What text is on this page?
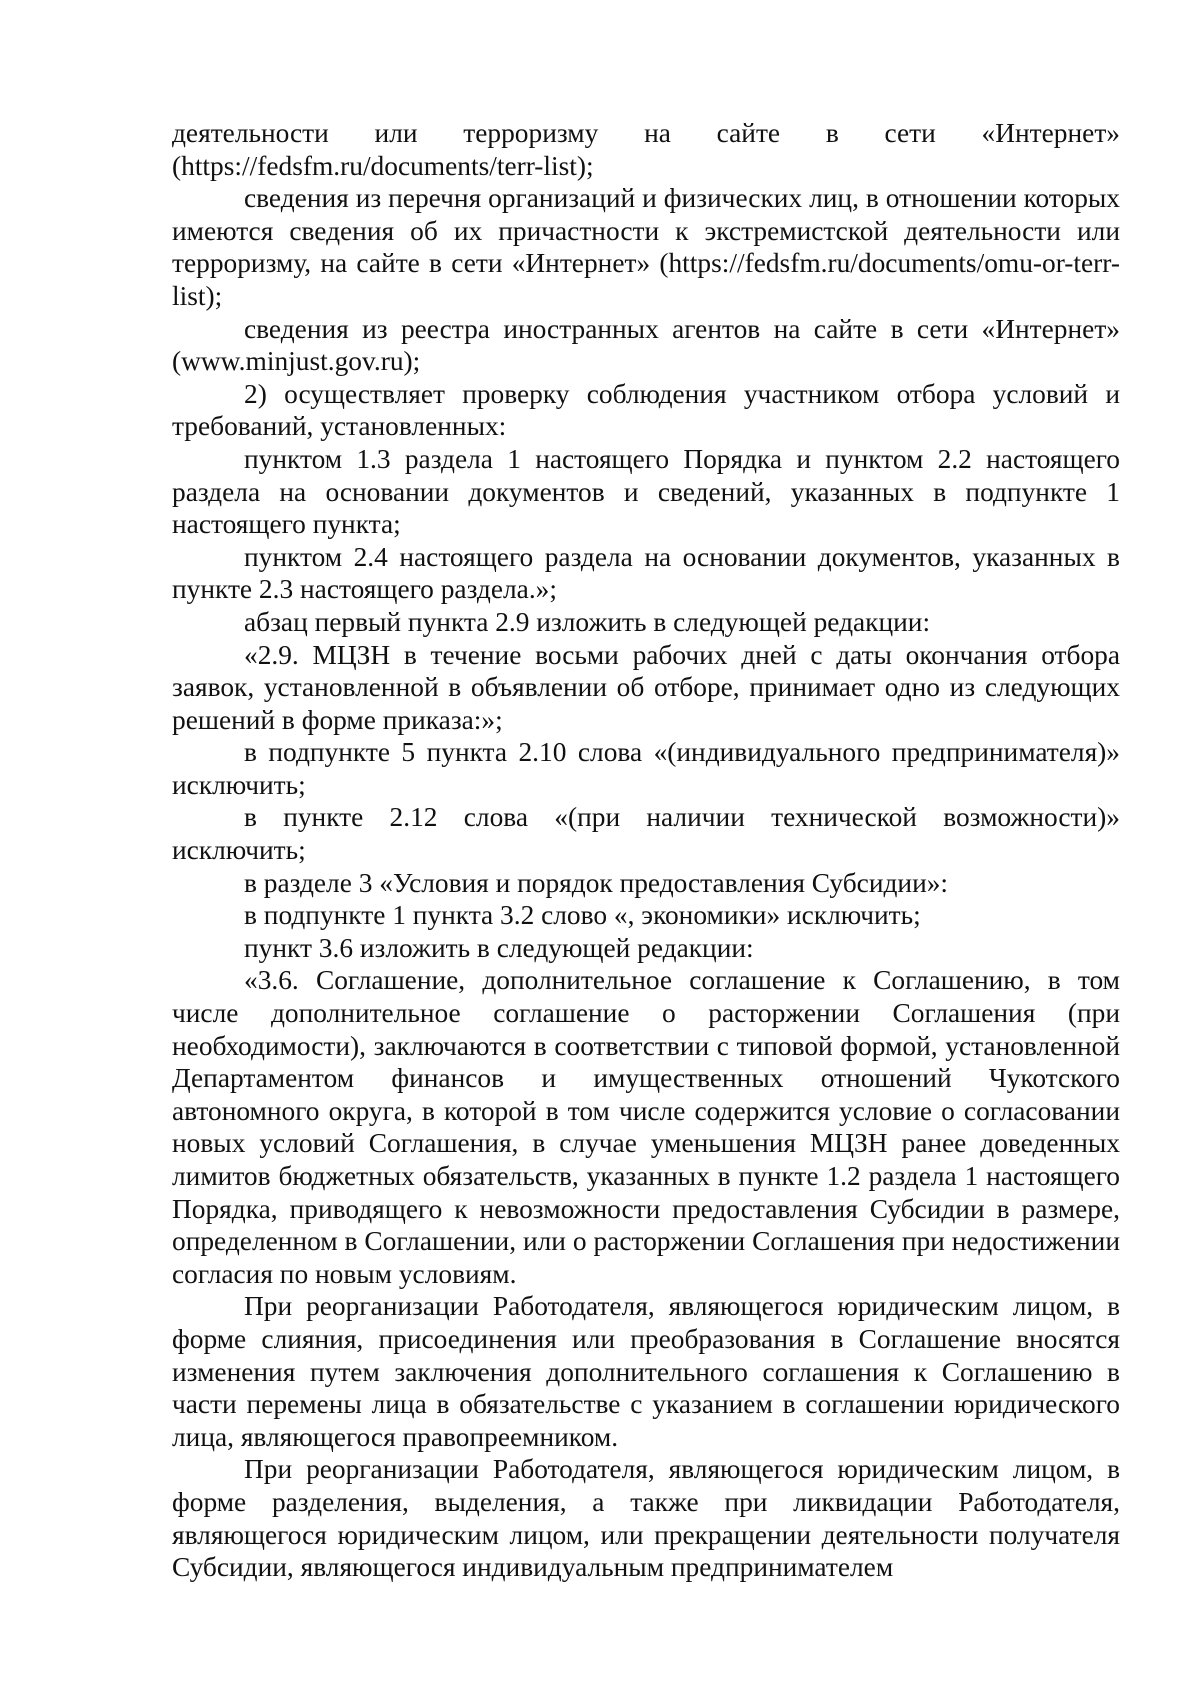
деятельности или терроризму на сайте в сети «Интернет» (https://fedsfm.ru/documents/terr-list);

сведения из перечня организаций и физических лиц, в отношении которых имеются сведения об их причастности к экстремистской деятельности или терроризму, на сайте в сети «Интернет» (https://fedsfm.ru/documents/omu-or-terr-list);

сведения из реестра иностранных агентов на сайте в сети «Интернет» (www.minjust.gov.ru);

2) осуществляет проверку соблюдения участником отбора условий и требований, установленных:

пунктом 1.3 раздела 1 настоящего Порядка и пунктом 2.2 настоящего раздела на основании документов и сведений, указанных в подпункте 1 настоящего пункта;

пунктом 2.4 настоящего раздела на основании документов, указанных в пункте 2.3 настоящего раздела.»;

абзац первый пункта 2.9 изложить в следующей редакции:

«2.9. МЦЗН в течение восьми рабочих дней с даты окончания отбора заявок, установленной в объявлении об отборе, принимает одно из следующих решений в форме приказа:»;

в подпункте 5 пункта 2.10 слова «(индивидуального предпринимателя)» исключить;

в пункте 2.12 слова «(при наличии технической возможности)» исключить;

в разделе 3 «Условия и порядок предоставления Субсидии»:

в подпункте 1 пункта 3.2 слово «, экономики» исключить;

пункт 3.6 изложить в следующей редакции:

«3.6. Соглашение, дополнительное соглашение к Соглашению, в том числе дополнительное соглашение о расторжении Соглашения (при необходимости), заключаются в соответствии с типовой формой, установленной Департаментом финансов и имущественных отношений Чукотского автономного округа, в которой в том числе содержится условие о согласовании новых условий Соглашения, в случае уменьшения МЦЗН ранее доведенных лимитов бюджетных обязательств, указанных в пункте 1.2 раздела 1 настоящего Порядка, приводящего к невозможности предоставления Субсидии в размере, определенном в Соглашении, или о расторжении Соглашения при недостижении согласия по новым условиям.

При реорганизации Работодателя, являющегося юридическим лицом, в форме слияния, присоединения или преобразования в Соглашение вносятся изменения путем заключения дополнительного соглашения к Соглашению в части перемены лица в обязательстве с указанием в соглашении юридического лица, являющегося правопреемником.

При реорганизации Работодателя, являющегося юридическим лицом, в форме разделения, выделения, а также при ликвидации Работодателя, являющегося юридическим лицом, или прекращении деятельности получателя Субсидии, являющегося индивидуальным предпринимателем
